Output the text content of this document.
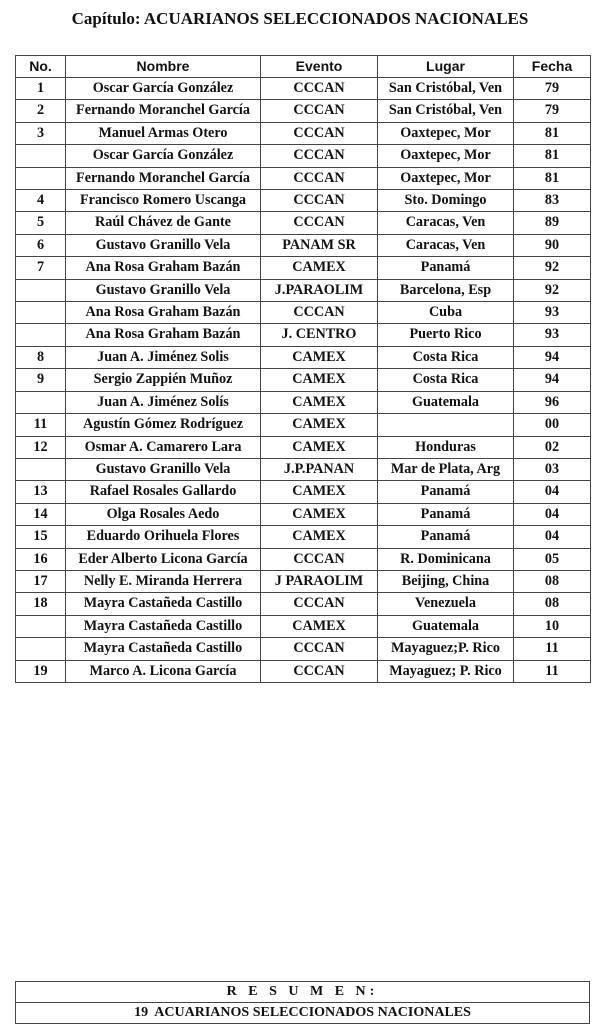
Capítulo: ACUARIANOS SELECCIONADOS NACIONALES
No.	Nombre	Evento	Lugar	Fecha
1	Oscar García González	CCCAN	San Cristóbal, Ven	79
2	Fernando Moranchel García	CCCAN	San Cristóbal, Ven	79
3	Manuel Armas Otero	CCCAN	Oaxtepec, Mor	81
	Oscar García González	CCCAN	Oaxtepec, Mor	81
	Fernando Moranchel García	CCCAN	Oaxtepec, Mor	81
4	Francisco Romero Uscanga	CCCAN	Sto. Domingo	83
5	Raúl Chávez de Gante	CCCAN	Caracas, Ven	89
6	Gustavo Granillo Vela	PANAM SR	Caracas, Ven	90
7	Ana Rosa Graham Bazán	CAMEX	Panamá	92
	Gustavo Granillo Vela	J.PARAOLIM	Barcelona, Esp	92
	Ana Rosa Graham Bazán	CCCAN	Cuba	93
	Ana Rosa Graham Bazán	J. CENTRO	Puerto Rico	93
8	Juan A. Jiménez Solis	CAMEX	Costa Rica	94
9	Sergio Zappién Muñoz	CAMEX	Costa Rica	94
	Juan A. Jiménez Solís	CAMEX	Guatemala	96
11	Agustín Gómez Rodríguez	CAMEX		00
12	Osmar A. Camarero Lara	CAMEX	Honduras	02
	Gustavo Granillo Vela	J.P.PANAN	Mar de Plata, Arg	03
13	Rafael Rosales Gallardo	CAMEX	Panamá	04
14	Olga Rosales Aedo	CAMEX	Panamá	04
15	Eduardo Orihuela Flores	CAMEX	Panamá	04
16	Eder Alberto Licona García	CCCAN	R. Dominicana	05
17	Nelly E. Miranda Herrera	J PARAOLIM	Beijing, China	08
18	Mayra Castañeda Castillo	CCCAN	Venezuela	08
	Mayra Castañeda Castillo	CAMEX	Guatemala	10
	Mayra Castañeda Castillo	CCCAN	Mayaguez;P. Rico	11
19	Marco A. Licona García	CCCAN	Mayaguez; P. Rico	11
R E S U M E N:
19  ACUARIANOS SELECCIONADOS NACIONALES
